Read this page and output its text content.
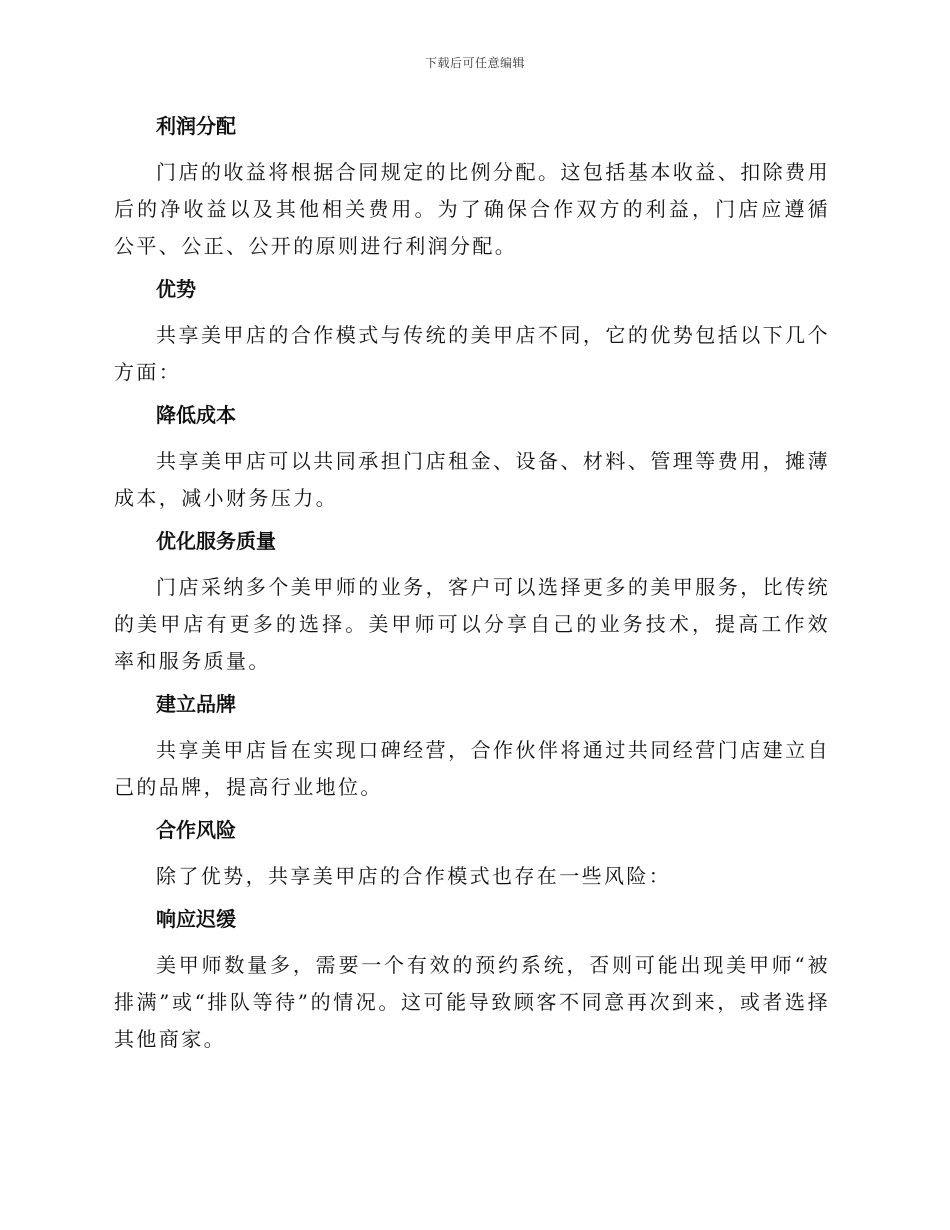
下载后可任意编辑
利润分配

门店的收益将根据合同规定的比例分配。这包括基本收益、扣除费用后的净收益以及其他相关费用。为了确保合作双方的利益，门店应遵循公平、公正、公开的原则进行利润分配。

优势

共享美甲店的合作模式与传统的美甲店不同，它的优势包括以下几个方面：

降低成本

共享美甲店可以共同承担门店租金、设备、材料、管理等费用，摊薄成本，减小财务压力。

优化服务质量

门店采纳多个美甲师的业务，客户可以选择更多的美甲服务，比传统的美甲店有更多的选择。美甲师可以分享自己的业务技术，提高工作效率和服务质量。

建立品牌

共享美甲店旨在实现口碑经营，合作伙伴将通过共同经营门店建立自己的品牌，提高行业地位。

合作风险

除了优势，共享美甲店的合作模式也存在一些风险：

响应迟缓

美甲师数量多，需要一个有效的预约系统，否则可能出现美甲师“被排满”或“排队等待”的情况。这可能导致顾客不同意再次到来，或者选择其他商家。
